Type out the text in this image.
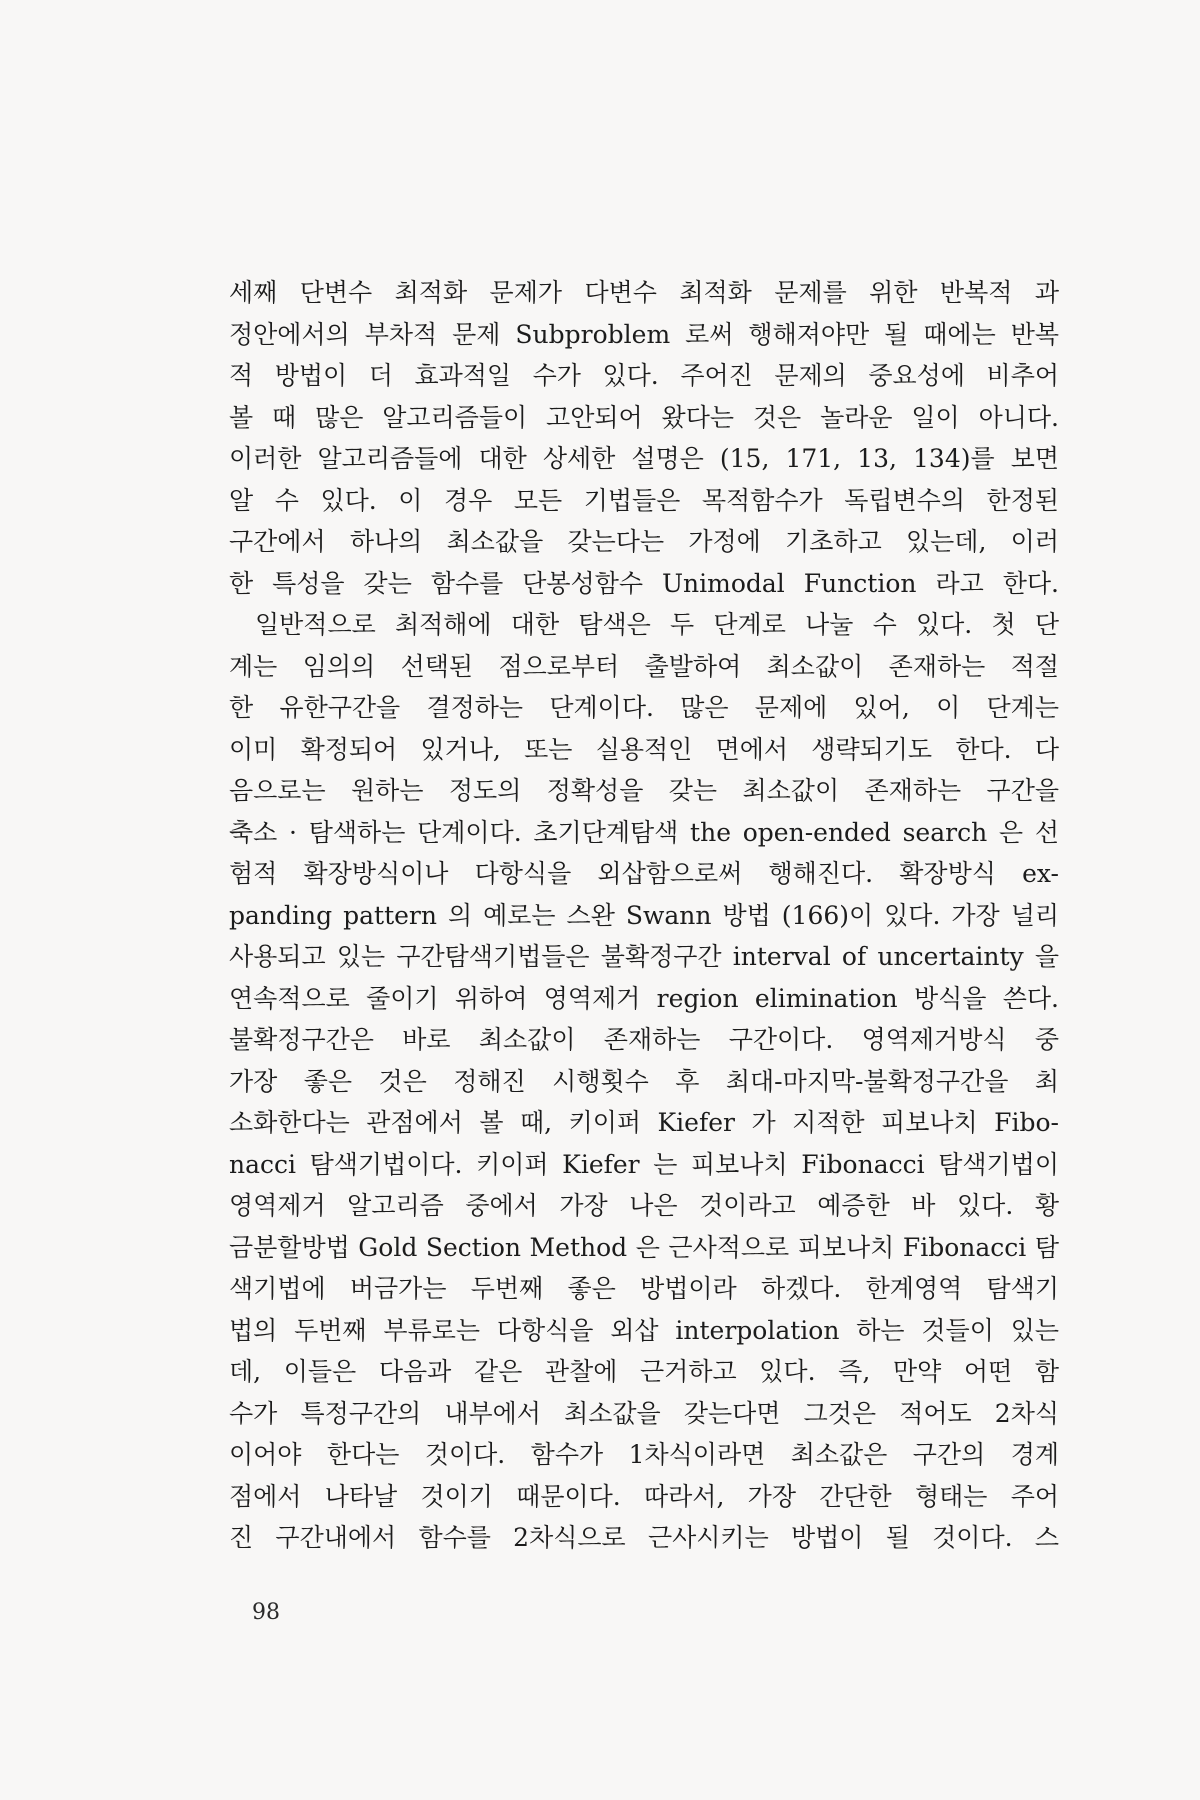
세째 단변수 최적화 문제가 다변수 최적화 문제를 위한 반복적 과
정안에서의 부차적 문제 Subproblem 로써 행해져야만 될 때에는 반복
적 방법이 더 효과적일 수가 있다. 주어진 문제의 중요성에 비추어
볼 때 많은 알고리즘들이 고안되어 왔다는 것은 놀라운 일이 아니다.
이러한 알고리즘들에 대한 상세한 설명은 (15, 171, 13, 134)를 보면
알 수 있다. 이 경우 모든 기법들은 목적함수가 독립변수의 한정된
구간에서 하나의 최소값을 갖는다는 가정에 기초하고 있는데, 이러
한 특성을 갖는 함수를 단봉성함수 Unimodal Function 라고 한다.
일반적으로 최적해에 대한 탐색은 두 단계로 나눌 수 있다. 첫 단
계는 임의의 선택된 점으로부터 출발하여 최소값이 존재하는 적절
한 유한구간을 결정하는 단계이다. 많은 문제에 있어, 이 단계는
이미 확정되어 있거나, 또는 실용적인 면에서 생략되기도 한다. 다
음으로는 원하는 정도의 정확성을 갖는 최소값이 존재하는 구간을
축소 · 탐색하는 단계이다. 초기단계탐색 the open-ended search 은 선
험적 확장방식이나 다항식을 외삽함으로써 행해진다. 확장방식 ex-
panding pattern 의 예로는 스완 Swann 방법 (166)이 있다. 가장 널리
사용되고 있는 구간탐색기법들은 불확정구간 interval of uncertainty 을
연속적으로 줄이기 위하여 영역제거 region elimination 방식을 쓴다.
불확정구간은 바로 최소값이 존재하는 구간이다. 영역제거방식 중
가장 좋은 것은 정해진 시행횟수 후 최대-마지막-불확정구간을 최
소화한다는 관점에서 볼 때, 키이퍼 Kiefer 가 지적한 피보나치 Fibo-
nacci 탐색기법이다. 키이퍼 Kiefer 는 피보나치 Fibonacci 탐색기법이
영역제거 알고리즘 중에서 가장 나은 것이라고 예증한 바 있다. 황
금분할방법 Gold Section Method 은 근사적으로 피보나치 Fibonacci 탐
색기법에 버금가는 두번째 좋은 방법이라 하겠다. 한계영역 탐색기
법의 두번째 부류로는 다항식을 외삽 interpolation 하는 것들이 있는
데, 이들은 다음과 같은 관찰에 근거하고 있다. 즉, 만약 어떤 함
수가 특정구간의 내부에서 최소값을 갖는다면 그것은 적어도 2차식
이어야 한다는 것이다. 함수가 1차식이라면 최소값은 구간의 경계
점에서 나타날 것이기 때문이다. 따라서, 가장 간단한 형태는 주어
진 구간내에서 함수를 2차식으로 근사시키는 방법이 될 것이다. 스
98
